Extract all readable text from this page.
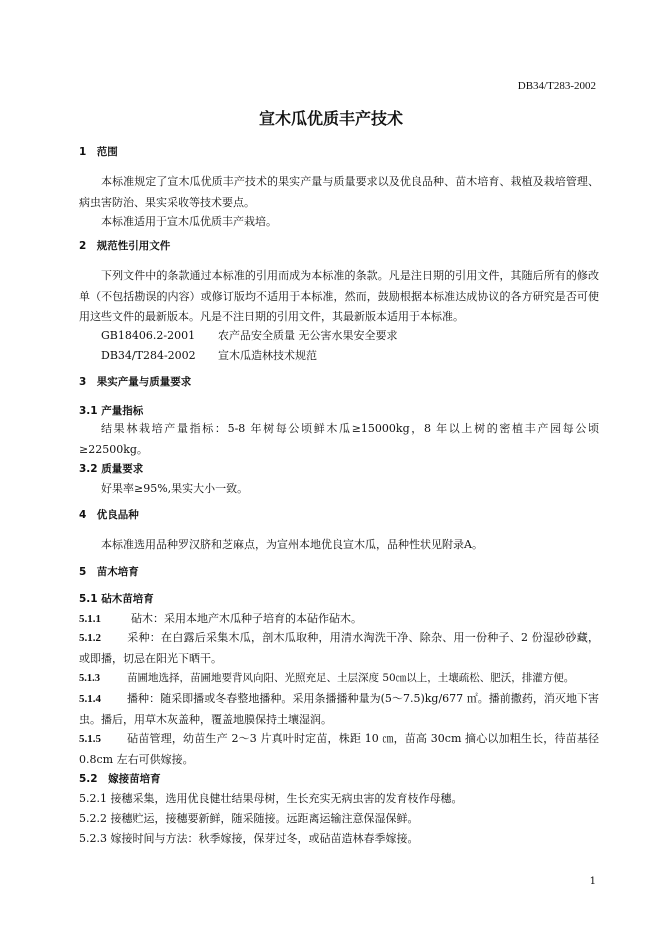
DB34/T283-2002
宣木瓜优质丰产技术
1　范围
本标准规定了宣木瓜优质丰产技术的果实产量与质量要求以及优良品种、苗木培育、栽植及栽培管理、病虫害防治、果实采收等技术要点。
本标准适用于宣木瓜优质丰产栽培。
2　规范性引用文件
下列文件中的条款通过本标准的引用而成为本标准的条款。凡是注日期的引用文件，其随后所有的修改单（不包括勘误的内容）或修订版均不适用于本标准，然而，鼓励根据本标准达成协议的各方研究是否可使用这些文件的最新版本。凡是不注日期的引用文件，其最新版本适用于本标准。
GB18406.2-2001 农产品安全质量 无公害水果安全要求
DB34/T284-2002 宣木瓜造林技术规范
3　果实产量与质量要求
3.1 产量指标
结果林栽培产量指标：5-8 年树每公顷鲜木瓜≥15000kg，8 年以上树的密植丰产园每公顷≥22500kg。
3.2 质量要求
好果率≥95%,果实大小一致。
4　优良品种
本标准选用品种罗汉脐和芝麻点，为宣州本地优良宣木瓜，品种性状见附录A。
5　苗木培育
5.1 砧木苗培育
5.1.1	砧木：采用本地产木瓜种子培育的本砧作砧木。
5.1.2 采种：在白露后采集木瓜，剖木瓜取种，用清水淘洗干净、除杂、用一份种子、2 份湿砂砂藏，或即播，切忌在阳光下晒干。
5.1.3	苗圃地选择，苗圃地要背风向阳、光照充足、土层深度 50㎝以上，土壤疏松、肥沃，排灌方便。
5.1.4 播种：随采即播或冬春整地播种。采用条播播种量为(5～7.5)kg/677 ㎡。播前撒药，消灭地下害虫。播后，用草木灰盖种，覆盖地膜保持土壤湿润。
5.1.5 砧苗管理，幼苗生产 2～3 片真叶时定苗，株距 10 ㎝，苗高 30cm 摘心以加粗生长，待苗基径 0.8cm 左右可供嫁接。
5.2　嫁接苗培育
5.2.1 接穗采集，选用优良健壮结果母树，生长充实无病虫害的发育枝作母穗。
5.2.2 接穗贮运，接穗要新鲜，随采随接。远距离运输注意保湿保鲜。
5.2.3 嫁接时间与方法：秋季嫁接，保芽过冬，或砧苗造林春季嫁接。
1
